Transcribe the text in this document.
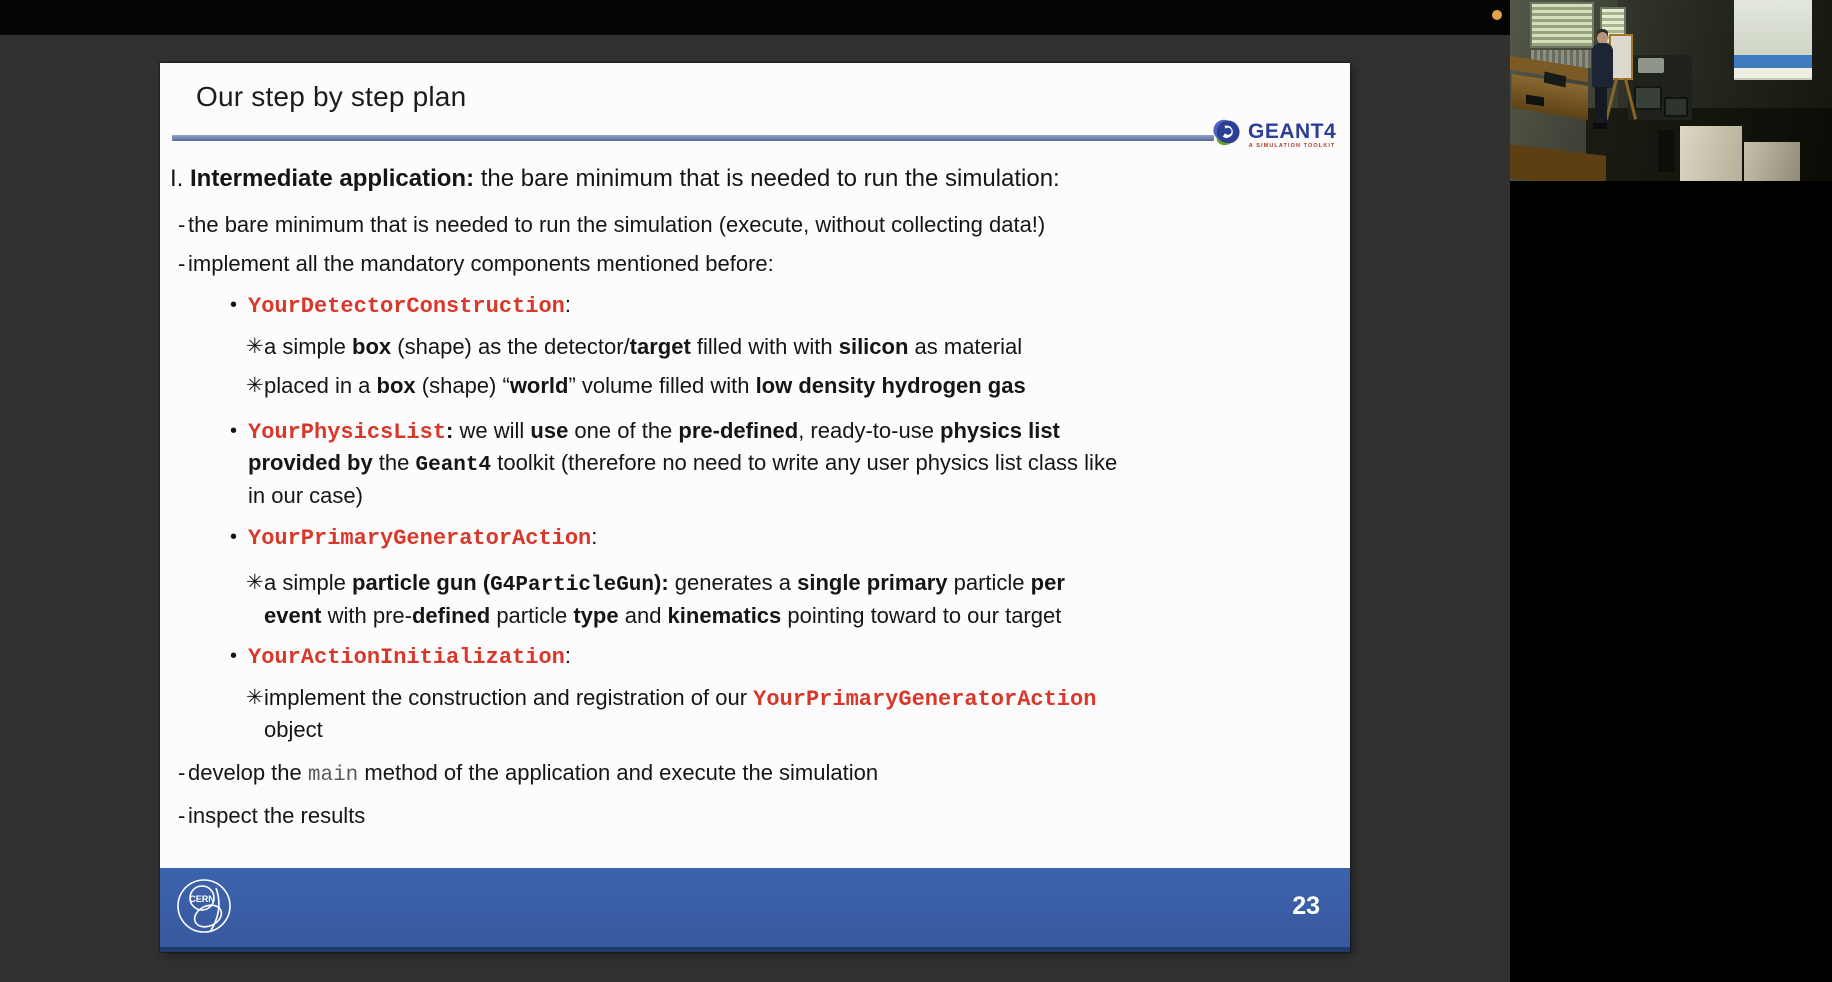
Our step by step plan
GEANT4
A SIMULATION TOOLKIT
I. Intermediate application: the bare minimum that is needed to run the simulation:
- the bare minimum that is needed to run the simulation (execute, without collecting data!)
- implement all the mandatory components mentioned before:
• YourDetectorConstruction:
✳ a simple box (shape) as the detector/target filled with with silicon as material
✳ placed in a box (shape) “world” volume filled with low density hydrogen gas
• YourPhysicsList: we will use one of the pre-defined, ready-to-use physics list
provided by the Geant4 toolkit (therefore no need to write any user physics list class like
in our case)
• YourPrimaryGeneratorAction:
✳ a simple particle gun (G4ParticleGun): generates a single primary particle per
event with pre-defined particle type and kinematics pointing toward to our target
• YourActionInitialization:
✳ implement the construction and registration of our YourPrimaryGeneratorAction
object
- develop the main method of the application and execute the simulation
- inspect the results
CERN	23
